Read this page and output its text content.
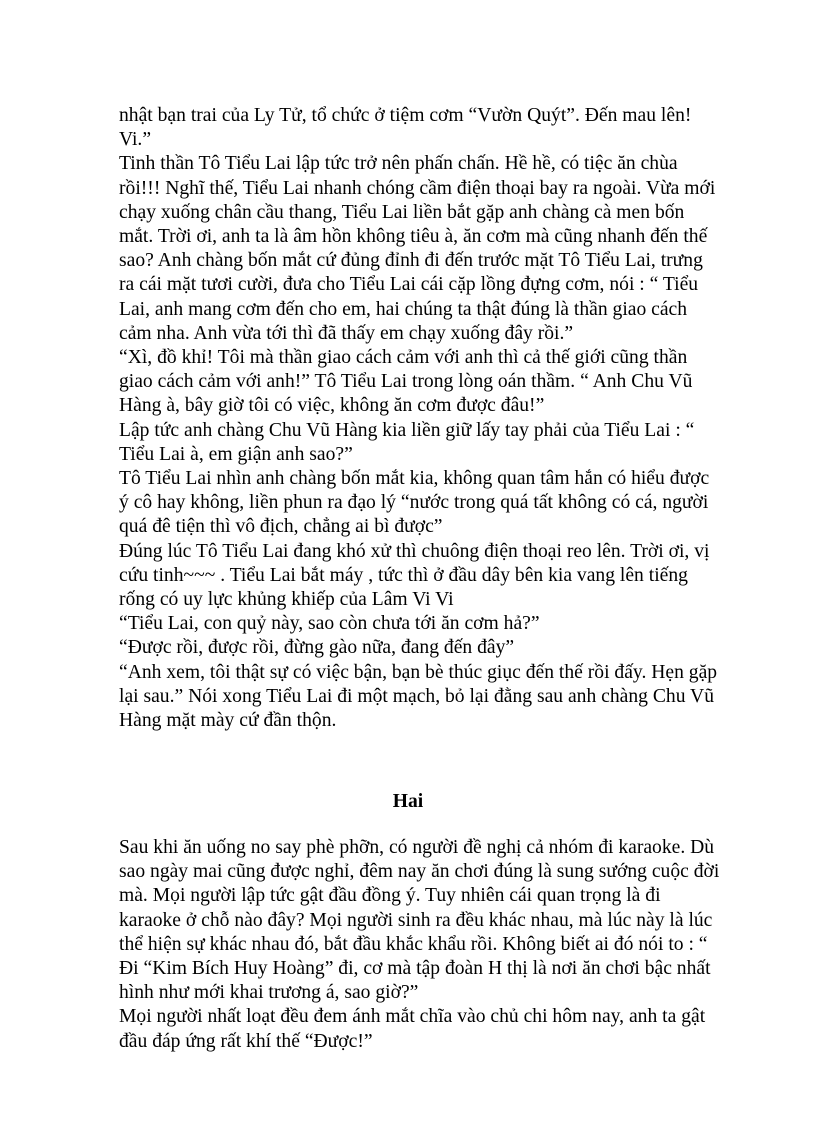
nhật bạn trai của Ly Tử, tổ chức ở tiệm cơm “Vườn Quýt”. Đến mau lên!
Vi.”
Tinh thần Tô Tiểu Lai lập tức trở nên phấn chấn. Hề hề, có tiệc ăn chùa
rồi!!! Nghĩ thế, Tiểu Lai nhanh chóng cầm điện thoại bay ra ngoài. Vừa mới
chạy xuống chân cầu thang, Tiểu Lai liền bắt gặp anh chàng cà men bốn
mắt. Trời ơi, anh ta là âm hồn không tiêu à, ăn cơm mà cũng nhanh đến thế
sao? Anh chàng bốn mắt cứ đủng đỉnh đi đến trước mặt Tô Tiểu Lai, trưng
ra cái mặt tươi cười, đưa cho Tiểu Lai cái cặp lồng đựng cơm, nói : “ Tiểu
Lai, anh mang cơm đến cho em, hai chúng ta thật đúng là thần giao cách
cảm nha. Anh vừa tới thì đã thấy em chạy xuống đây rồi.”
“Xì, đồ khỉ! Tôi mà thần giao cách cảm với anh thì cả thế giới cũng thần
giao cách cảm với anh!” Tô Tiểu Lai trong lòng oán thầm. “ Anh Chu Vũ
Hàng à, bây giờ tôi có việc, không ăn cơm được đâu!”
Lập tức anh chàng Chu Vũ Hàng kia liền giữ lấy tay phải của Tiểu Lai : “
Tiểu Lai à, em giận anh sao?”
Tô Tiểu Lai nhìn anh chàng bốn mắt kia, không quan tâm hắn có hiểu được
ý cô hay không, liền phun ra đạo lý “nước trong quá tất không có cá, người
quá đê tiện thì vô địch, chẳng ai bì được”
Đúng lúc Tô Tiểu Lai đang khó xử thì chuông điện thoại reo lên. Trời ơi, vị
cứu tinh~~~ . Tiểu Lai bắt máy , tức thì ở đầu dây bên kia vang lên tiếng
rống có uy lực khủng khiếp của Lâm Vi Vi
“Tiểu Lai, con quỷ này, sao còn chưa tới ăn cơm hả?”
“Được rồi, được rồi, đừng gào nữa, đang đến đây”
“Anh xem, tôi thật sự có việc bận, bạn bè thúc giục đến thế rồi đấy. Hẹn gặp
lại sau.” Nói xong Tiểu Lai đi một mạch, bỏ lại đằng sau anh chàng Chu Vũ
Hàng mặt mày cứ đần thộn.
Hai
Sau khi ăn uống no say phè phỡn, có người đề nghị cả nhóm đi karaoke. Dù
sao ngày mai cũng được nghỉ, đêm nay ăn chơi đúng là sung sướng cuộc đời
mà. Mọi người lập tức gật đầu đồng ý. Tuy nhiên cái quan trọng là đi
karaoke ở chỗ nào đây? Mọi người sinh ra đều khác nhau, mà lúc này là lúc
thể hiện sự khác nhau đó, bắt đầu khắc khẩu rồi. Không biết ai đó nói to : “
Đi “Kim Bích Huy Hoàng” đi, cơ mà tập đoàn H thị là nơi ăn chơi bậc nhất
hình như mới khai trương á, sao giờ?”
Mọi người nhất loạt đều đem ánh mắt chĩa vào chủ chi hôm nay, anh ta gật
đầu đáp ứng rất khí thế “Được!”
